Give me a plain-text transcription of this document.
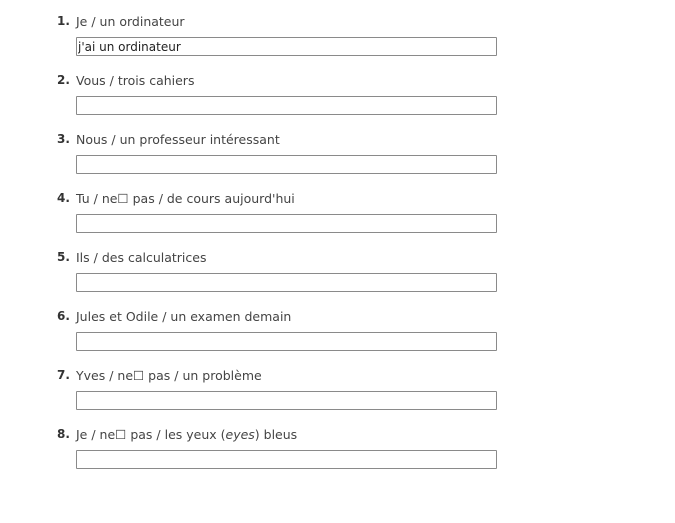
1. Je / un ordinateur
j'ai un ordinateur
2. Vous / trois cahiers
3. Nous / un professeur intéressant
4. Tu / ne☐ pas / de cours aujourd'hui
5. Ils / des calculatrices
6. Jules et Odile / un examen demain
7. Yves / ne☐ pas / un problème
8. Je / ne☐ pas / les yeux (eyes) bleus
